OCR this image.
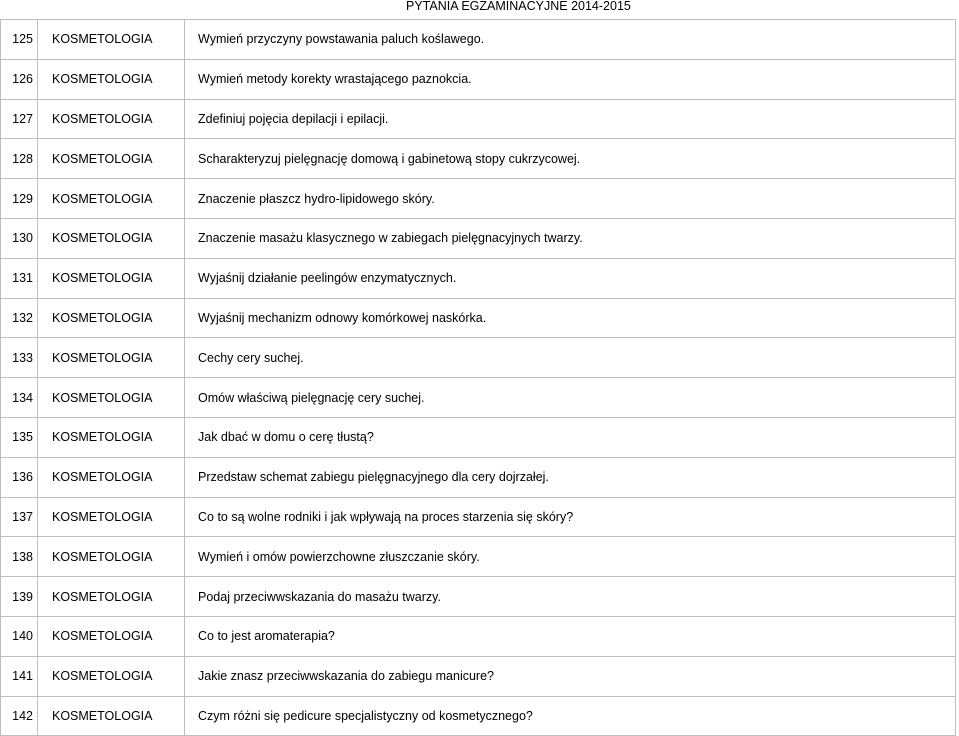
PYTANIA EGZAMINACYJNE 2014-2015
125	KOSMETOLOGIA	Wymień przyczyny powstawania paluch koślawego.
126	KOSMETOLOGIA	Wymień metody korekty wrastającego paznokcia.
127	KOSMETOLOGIA	Zdefiniuj pojęcia depilacji i epilacji.
128	KOSMETOLOGIA	Scharakteryzuj pielęgnację domową i gabinetową stopy cukrzycowej.
129	KOSMETOLOGIA	Znaczenie płaszcz hydro-lipidowego skóry.
130	KOSMETOLOGIA	Znaczenie masażu klasycznego w zabiegach pielęgnacyjnych twarzy.
131	KOSMETOLOGIA	Wyjaśnij działanie peelingów enzymatycznych.
132	KOSMETOLOGIA	Wyjaśnij mechanizm odnowy komórkowej naskórka.
133	KOSMETOLOGIA	Cechy cery suchej.
134	KOSMETOLOGIA	Omów właściwą pielęgnację cery suchej.
135	KOSMETOLOGIA	Jak dbać w domu o cerę tłustą?
136	KOSMETOLOGIA	Przedstaw schemat zabiegu pielęgnacyjnego dla cery dojrzałej.
137	KOSMETOLOGIA	Co to są wolne rodniki i jak wpływają na proces starzenia się skóry?
138	KOSMETOLOGIA	Wymień i omów powierzchowne złuszczanie skóry.
139	KOSMETOLOGIA	Podaj przeciwwskazania do masażu twarzy.
140	KOSMETOLOGIA	Co to jest aromaterapia?
141	KOSMETOLOGIA	Jakie znasz przeciwwskazania do zabiegu manicure?
142	KOSMETOLOGIA	Czym różni się pedicure specjalistyczny od kosmetycznego?
